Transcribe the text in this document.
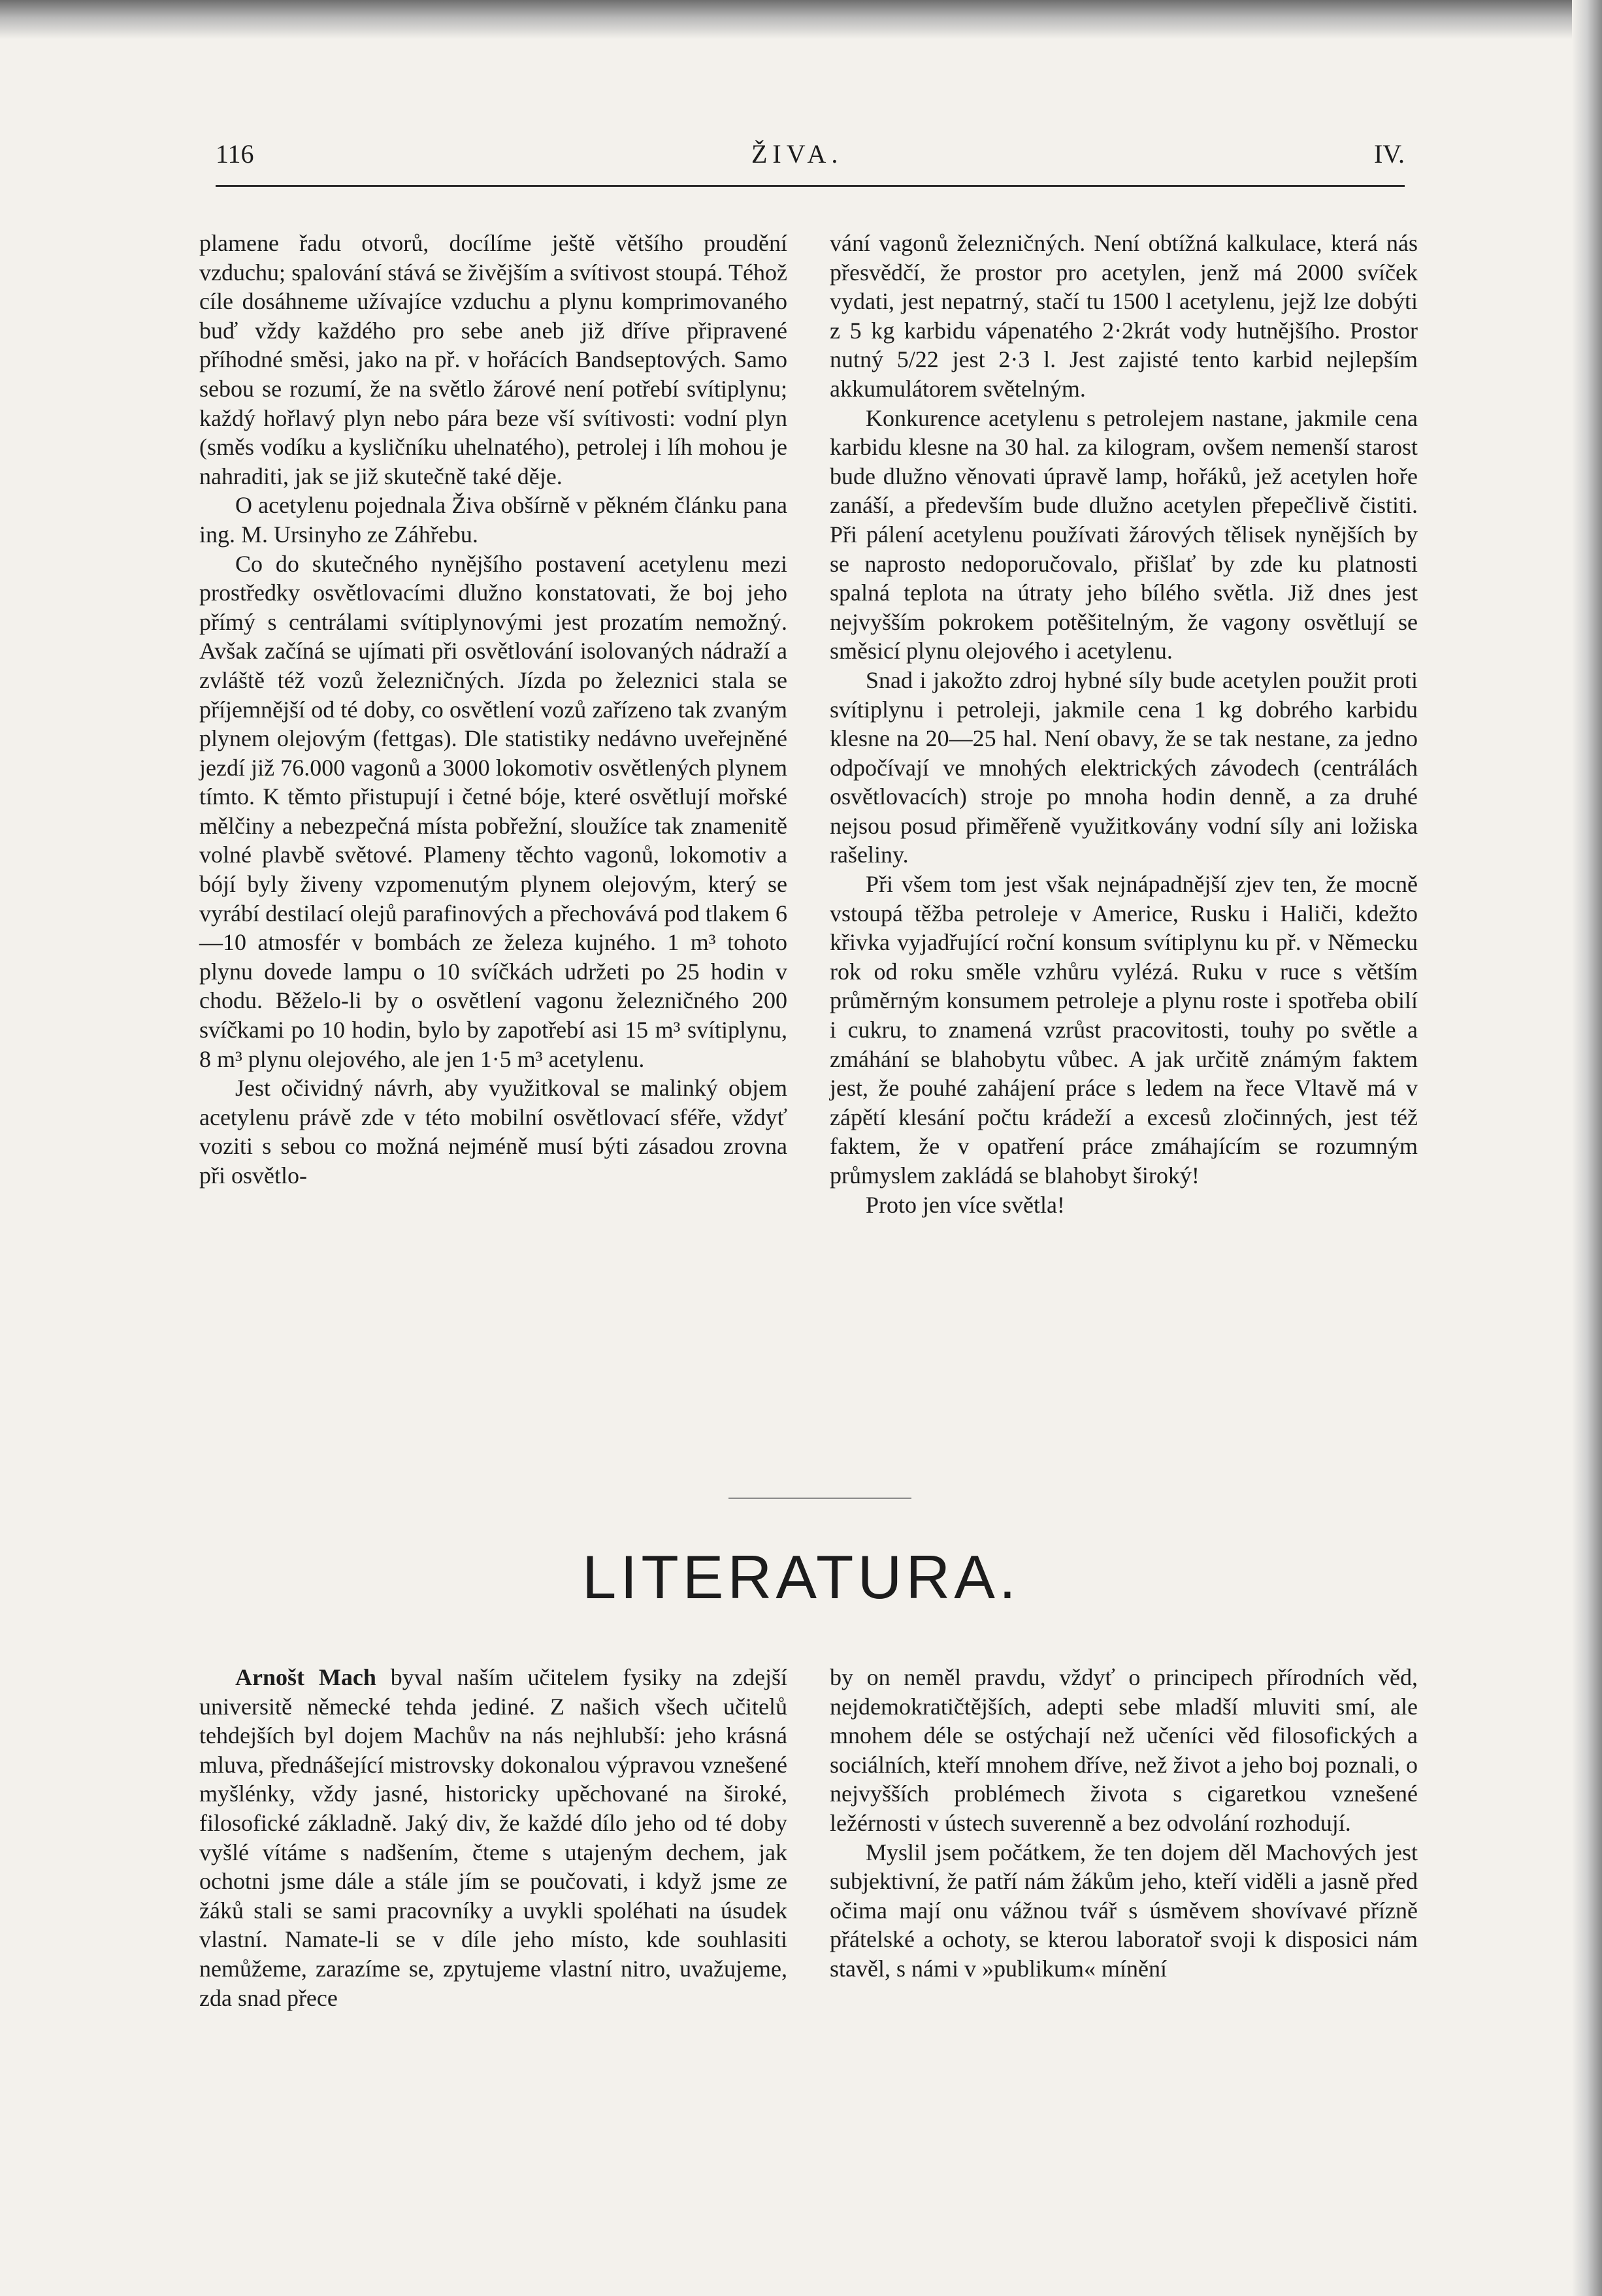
116	ŽIVA.	IV.

plamene řadu otvorů, docílíme ještě většího proudění vzduchu; spalování stává se živějším a svítivost stoupá. Téhož cíle dosáhneme užívajíce vzduchu a plynu komprimovaného buď vždy každého pro sebe aneb již dříve připravené příhodné směsi, jako na př. v hořácích Bandseptových. Samo sebou se rozumí, že na světlo žárové není potřebí svítiplynu; každý hořlavý plyn nebo pára beze vší svítivosti: vodní plyn (směs vodíku a kysličníku uhelnatého), petrolej i líh mohou je nahraditi, jak se již skutečně také děje.

O acetylenu pojednala Živa obšírně v pěkném článku pana ing. M. Ursinyho ze Záhřebu.

Co do skutečného nynějšího postavení acetylenu mezi prostředky osvětlovacími dlužno konstatovati, že boj jeho přímý s centrálami svítiplynovými jest prozatím nemožný. Avšak začíná se ujímati při osvětlování isolovaných nádraží a zvláště též vozů železničných. Jízda po železnici stala se příjemnější od té doby, co osvětlení vozů zařízeno tak zvaným plynem olejovým (fettgas). Dle statistiky nedávno uveřejněné jezdí již 76.000 vagonů a 3000 lokomotiv osvětlených plynem tímto. K těmto přistupují i četné bóje, které osvětlují mořské mělčiny a nebezpečná místa pobřežní, sloužíce tak znamenitě volné plavbě světové. Plameny těchto vagonů, lokomotiv a bójí byly živeny vzpomenutým plynem olejovým, který se vyrábí destilací olejů parafinových a přechovává pod tlakem 6—10 atmosfér v bombách ze železa kujného. 1 m³ tohoto plynu dovede lampu o 10 svíčkách udržeti po 25 hodin v chodu. Běželo-li by o osvětlení vagonu železničného 200 svíčkami po 10 hodin, bylo by zapotřebí asi 15 m³ svítiplynu, 8 m³ plynu olejového, ale jen 1·5 m³ acetylenu.

Jest očividný návrh, aby využitkoval se malinký objem acetylenu právě zde v této mobilní osvětlovací sféře, vždyť voziti s sebou co možná nejméně musí býti zásadou zrovna při osvětlo-

vání vagonů železničných. Není obtížná kalkulace, která nás přesvědčí, že prostor pro acetylen, jenž má 2000 svíček vydati, jest nepatrný, stačí tu 1500 l acetylenu, jejž lze dobýti z 5 kg karbidu vápenatého 2·2krát vody hutnějšího. Prostor nutný 5/22 jest 2·3 l. Jest zajisté tento karbid nejlepším akkumulátorem světelným.

Konkurence acetylenu s petrolejem nastane, jakmile cena karbidu klesne na 30 hal. za kilogram, ovšem nemenší starost bude dlužno věnovati úpravě lamp, hořáků, jež acetylen hoře zanáší, a především bude dlužno acetylen přepečlivě čistiti. Při pálení acetylenu používati žárových tělisek nynějších by se naprosto nedoporučovalo, přišlať by zde ku platnosti spalná teplota na útraty jeho bílého světla. Již dnes jest nejvyšším pokrokem potěšitelným, že vagony osvětlují se směsicí plynu olejového i acetylenu.

Snad i jakožto zdroj hybné síly bude acetylen použit proti svítiplynu i petroleji, jakmile cena 1 kg dobrého karbidu klesne na 20—25 hal. Není obavy, že se tak nestane, za jedno odpočívají ve mnohých elektrických závodech (centrálách osvětlovacích) stroje po mnoha hodin denně, a za druhé nejsou posud přiměřeně využitkovány vodní síly ani ložiska rašeliny.

Při všem tom jest však nejnápadnější zjev ten, že mocně vstoupá těžba petroleje v Americe, Rusku i Haliči, kdežto křivka vyjadřující roční konsum svítiplynu ku př. v Německu rok od roku směle vzhůru vylézá. Ruku v ruce s větším průměrným konsumem petroleje a plynu roste i spotřeba obilí i cukru, to znamená vzrůst pracovitosti, touhy po světle a zmáhání se blahobytu vůbec. A jak určitě známým faktem jest, že pouhé zahájení práce s ledem na řece Vltavě má v zápětí klesání počtu krádeží a excesů zločinných, jest též faktem, že v opatření práce zmáhajícím se rozumným průmyslem zakládá se blahobyt široký!

Proto jen více světla!

LITERATURA.

Arnošt Mach byval naším učitelem fysiky na zdejší universitě německé tehda jediné. Z našich všech učitelů tehdejších byl dojem Machův na nás nejhlubší: jeho krásná mluva, přednášející mistrovsky dokonalou výpravou vznešené myšlénky, vždy jasné, historicky upěchované na široké, filosofické základně. Jaký div, že každé dílo jeho od té doby vyšlé vítáme s nadšením, čteme s utajeným dechem, jak ochotni jsme dále a stále jím se poučovati, i když jsme ze žáků stali se sami pracovníky a uvykli spoléhati na úsudek vlastní. Namate-li se v díle jeho místo, kde souhlasiti nemůžeme, zarazíme se, zpytujeme vlastní nitro, uvažujeme, zda snad přece

by on neměl pravdu, vždyť o principech přírodních věd, nejdemokratičtějších, adepti sebe mladší mluviti smí, ale mnohem déle se ostýchají než učeníci věd filosofických a sociálních, kteří mnohem dříve, než život a jeho boj poznali, o nejvyšších problémech života s cigaretkou vznešené ležérnosti v ústech suverenně a bez odvolání rozhodují.

Myslil jsem počátkem, že ten dojem děl Machových jest subjektivní, že patří nám žákům jeho, kteří viděli a jasně před očima mají onu vážnou tvář s úsměvem shovívavé přízně přátelské a ochoty, se kterou laboratoř svoji k disposici nám stavěl, s námi v »publikum« mínění
